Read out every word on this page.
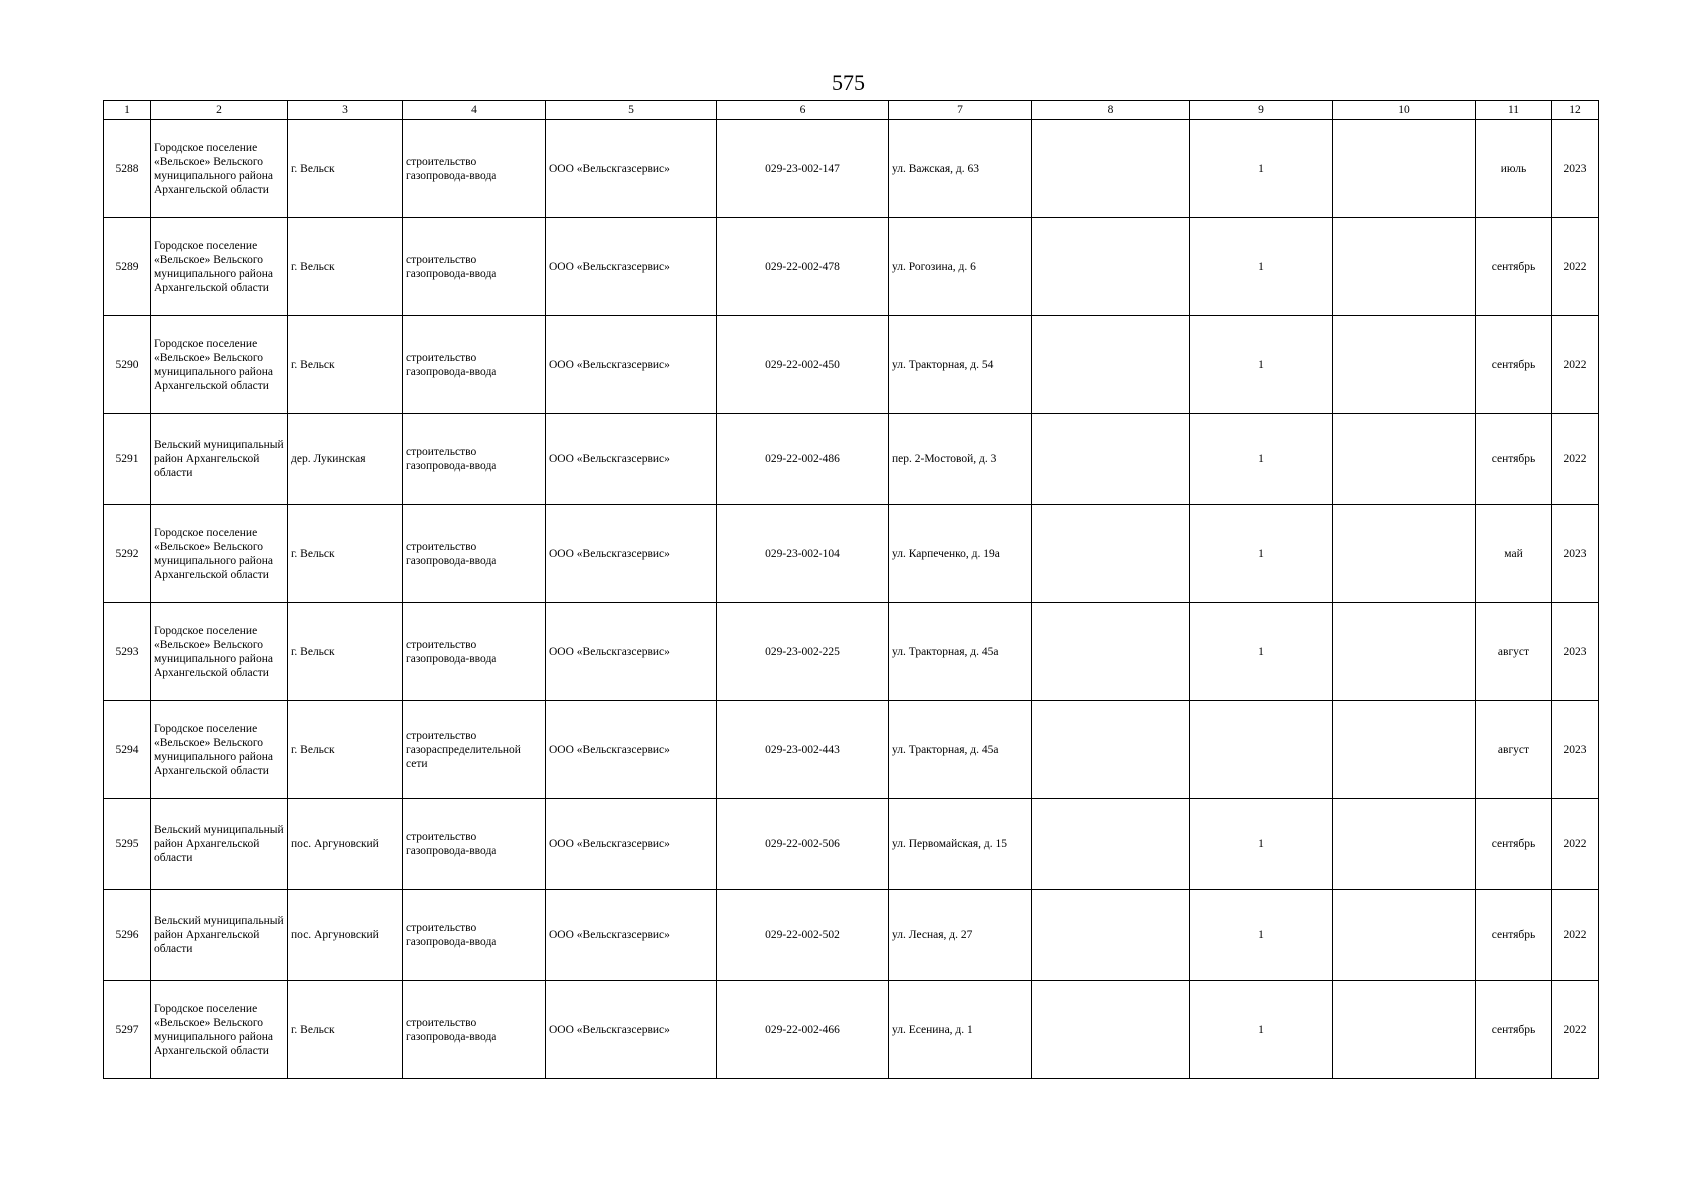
575
1	2	3	4	5	6	7	8	9	10	11	12
5288	Городское поселение «Вельское» Вельского муниципального района Архангельской области	г. Вельск	строительство газопровода-ввода	ООО «Вельскгазсервис»	029-23-002-147	ул. Важская, д. 63		1		июль	2023
5289	Городское поселение «Вельское» Вельского муниципального района Архангельской области	г. Вельск	строительство газопровода-ввода	ООО «Вельскгазсервис»	029-22-002-478	ул. Рогозина, д. 6		1		сентябрь	2022
5290	Городское поселение «Вельское» Вельского муниципального района Архангельской области	г. Вельск	строительство газопровода-ввода	ООО «Вельскгазсервис»	029-22-002-450	ул. Тракторная, д. 54		1		сентябрь	2022
5291	Вельский муниципальный район Архангельской области	дер. Лукинская	строительство газопровода-ввода	ООО «Вельскгазсервис»	029-22-002-486	пер. 2-Мостовой, д. 3		1		сентябрь	2022
5292	Городское поселение «Вельское» Вельского муниципального района Архангельской области	г. Вельск	строительство газопровода-ввода	ООО «Вельскгазсервис»	029-23-002-104	ул. Карпеченко, д. 19а		1		май	2023
5293	Городское поселение «Вельское» Вельского муниципального района Архангельской области	г. Вельск	строительство газопровода-ввода	ООО «Вельскгазсервис»	029-23-002-225	ул. Тракторная, д. 45а		1		август	2023
5294	Городское поселение «Вельское» Вельского муниципального района Архангельской области	г. Вельск	строительство газораспределительной сети	ООО «Вельскгазсервис»	029-23-002-443	ул. Тракторная, д. 45а				август	2023
5295	Вельский муниципальный район Архангельской области	пос. Аргуновский	строительство газопровода-ввода	ООО «Вельскгазсервис»	029-22-002-506	ул. Первомайская, д. 15		1		сентябрь	2022
5296	Вельский муниципальный район Архангельской области	пос. Аргуновский	строительство газопровода-ввода	ООО «Вельскгазсервис»	029-22-002-502	ул. Лесная, д. 27		1		сентябрь	2022
5297	Городское поселение «Вельское» Вельского муниципального района Архангельской области	г. Вельск	строительство газопровода-ввода	ООО «Вельскгазсервис»	029-22-002-466	ул. Есенина, д. 1		1		сентябрь	2022
